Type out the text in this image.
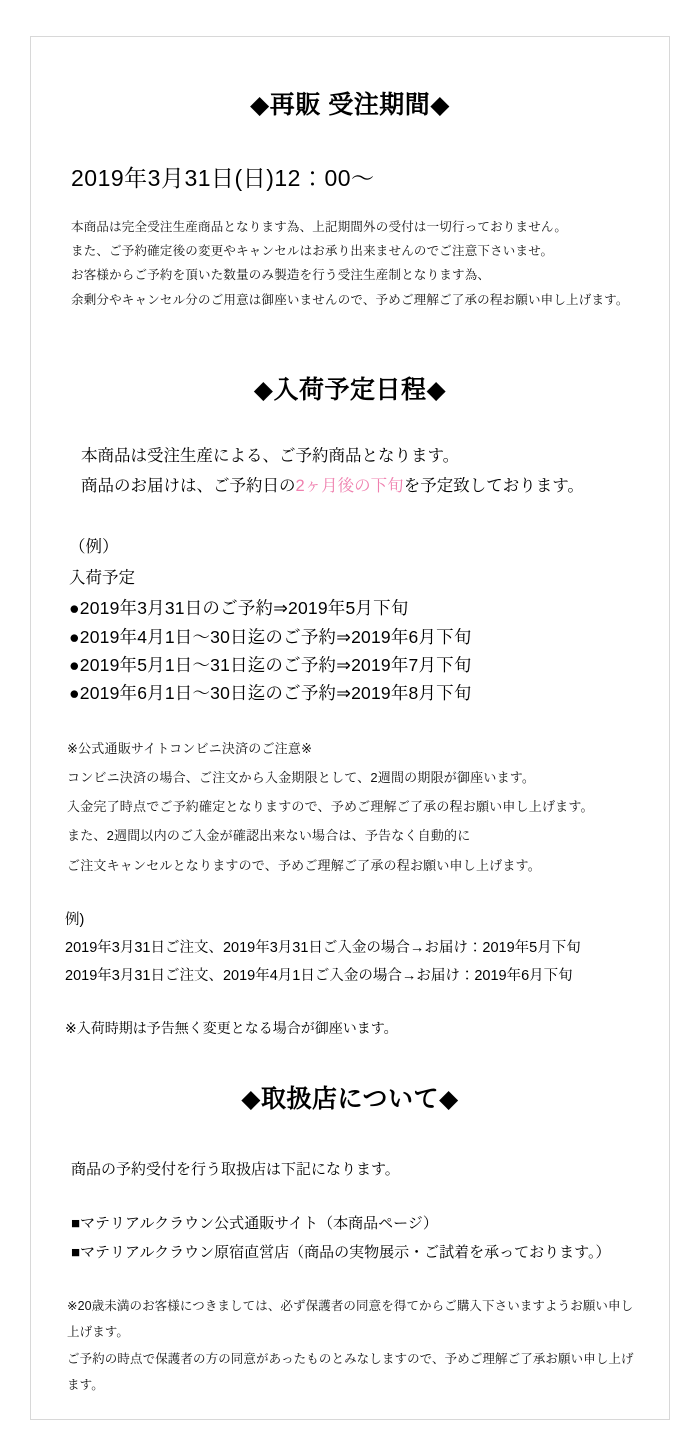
◆再販 受注期間◆
2019年3月31日(日)12：00〜
本商品は完全受注生産商品となります為、上記期間外の受付は一切行っておりません。
また、ご予約確定後の変更やキャンセルはお承り出来ませんのでご注意下さいませ。
お客様からご予約を頂いた数量のみ製造を行う受注生産制となります為、
余剰分やキャンセル分のご用意は御座いませんので、予めご理解ご了承の程お願い申し上げます。
◆入荷予定日程◆
本商品は受注生産による、ご予約商品となります。
商品のお届けは、ご予約日の2ヶ月後の下旬を予定致しております。
（例）
入荷予定
●2019年3月31日のご予約⇒2019年5月下旬
●2019年4月1日〜30日迄のご予約⇒2019年6月下旬
●2019年5月1日〜31日迄のご予約⇒2019年7月下旬
●2019年6月1日〜30日迄のご予約⇒2019年8月下旬
※公式通販サイトコンビニ決済のご注意※
コンビニ決済の場合、ご注文から入金期限として、2週間の期限が御座います。
入金完了時点でご予約確定となりますので、予めご理解ご了承の程お願い申し上げます。
また、2週間以内のご入金が確認出来ない場合は、予告なく自動的に
ご注文キャンセルとなりますので、予めご理解ご了承の程お願い申し上げます。
例)
2019年3月31日ご注文、2019年3月31日ご入金の場合→お届け：2019年5月下旬
2019年3月31日ご注文、2019年4月1日ご入金の場合→お届け：2019年6月下旬
※入荷時期は予告無く変更となる場合が御座います。
◆取扱店について◆
商品の予約受付を行う取扱店は下記になります。
■マテリアルクラウン公式通販サイト（本商品ページ）
■マテリアルクラウン原宿直営店（商品の実物展示・ご試着を承っております。）
※20歳未満のお客様につきましては、必ず保護者の同意を得てからご購入下さいますようお願い申し上げます。
ご予約の時点で保護者の方の同意があったものとみなしますので、予めご理解ご了承お願い申し上げます。
